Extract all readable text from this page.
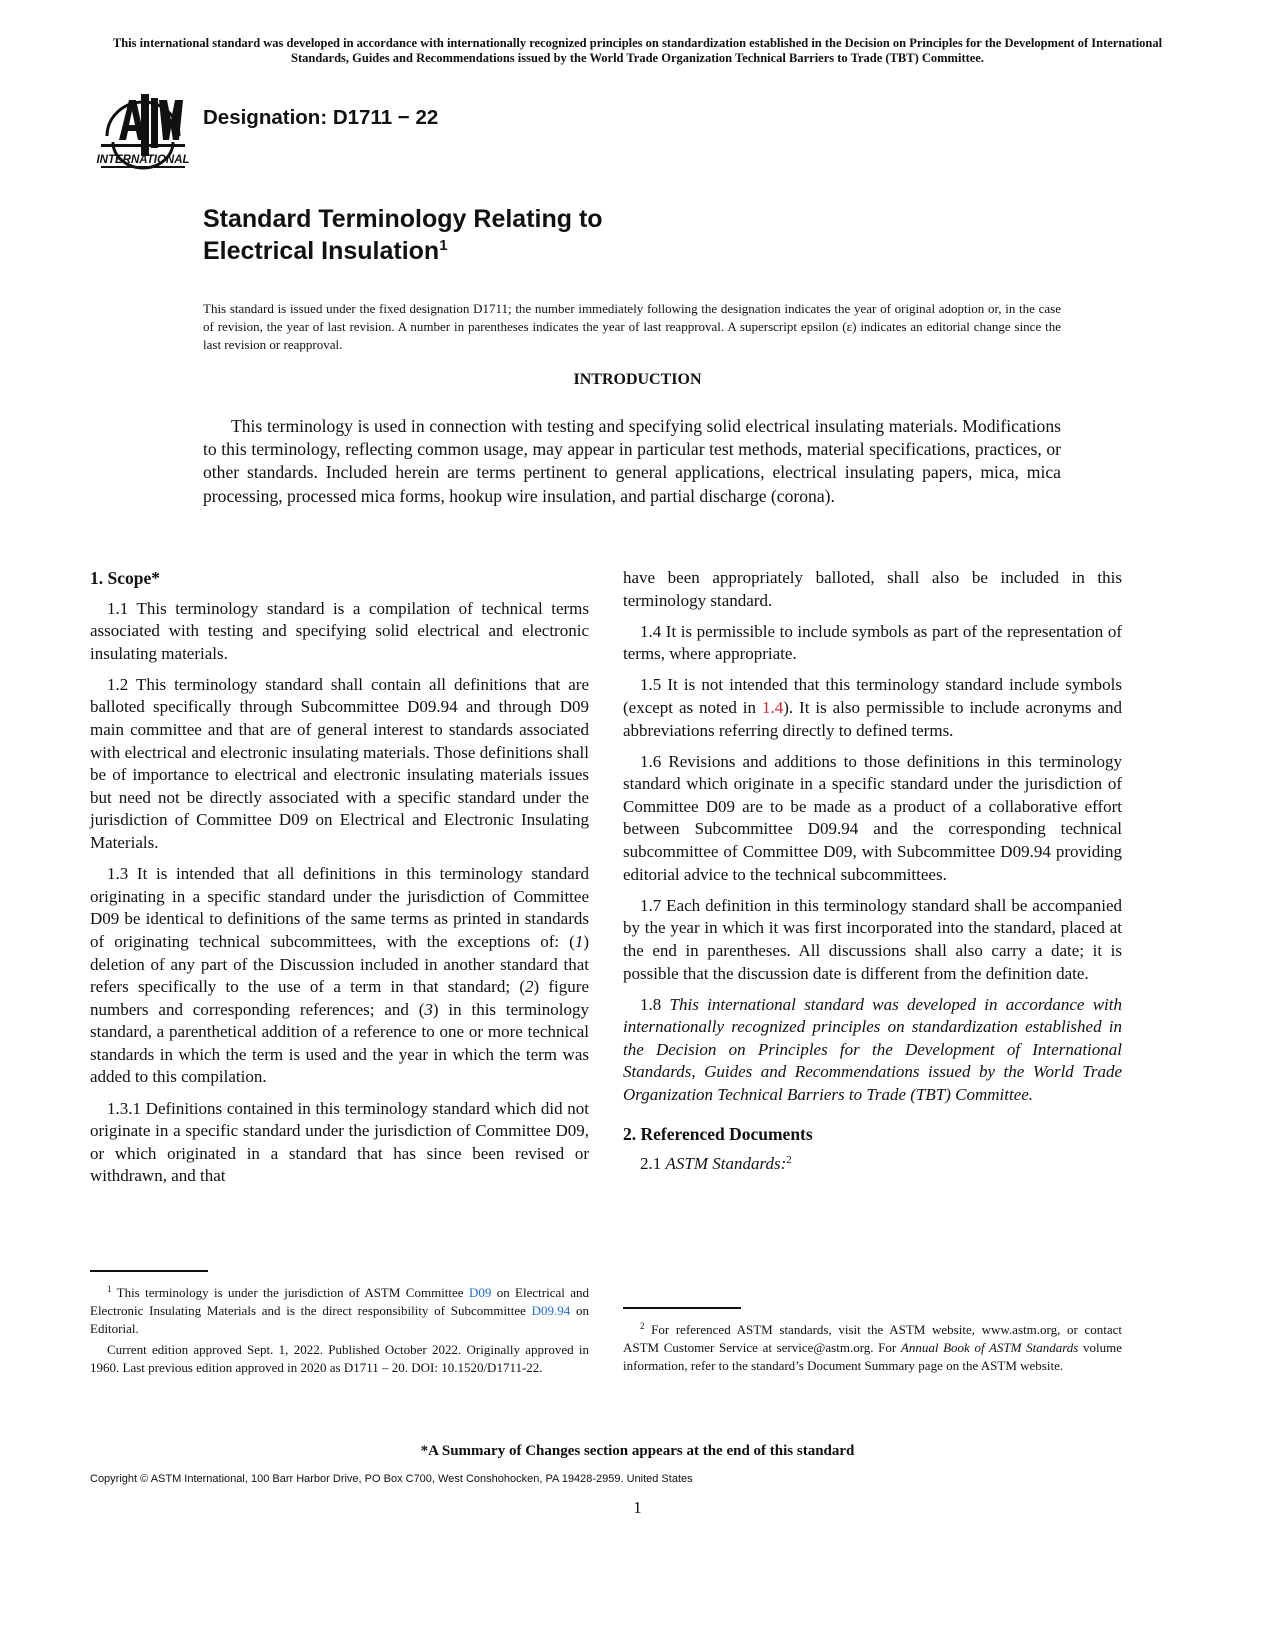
This international standard was developed in accordance with internationally recognized principles on standardization established in the Decision on Principles for the Development of International Standards, Guides and Recommendations issued by the World Trade Organization Technical Barriers to Trade (TBT) Committee.
INTERNATIONAL
Designation: D1711 − 22
Standard Terminology Relating to
Electrical Insulation$^1$
This standard is issued under the fixed designation D1711; the number immediately following the designation indicates the year of original adoption or, in the case of revision, the year of last revision. A number in parentheses indicates the year of last reapproval. A superscript epsilon (ε) indicates an editorial change since the last revision or reapproval.
INTRODUCTION
This terminology is used in connection with testing and specifying solid electrical insulating materials. Modifications to this terminology, reflecting common usage, may appear in particular test methods, material specifications, practices, or other standards. Included herein are terms pertinent to general applications, electrical insulating papers, mica, mica processing, processed mica forms, hookup wire insulation, and partial discharge (corona).
1. Scope*

1.1 This terminology standard is a compilation of technical terms associated with testing and specifying solid electrical and electronic insulating materials.

1.2 This terminology standard shall contain all definitions that are balloted specifically through Subcommittee D09.94 and through D09 main committee and that are of general interest to standards associated with electrical and electronic insulating materials. Those definitions shall be of importance to electrical and electronic insulating materials issues but need not be directly associated with a specific standard under the jurisdiction of Committee D09 on Electrical and Electronic Insulating Materials.

1.3 It is intended that all definitions in this terminology standard originating in a specific standard under the jurisdiction of Committee D09 be identical to definitions of the same terms as printed in standards of originating technical subcommittees, with the exceptions of: (1) deletion of any part of the Discussion included in another standard that refers specifically to the use of a term in that standard; (2) figure numbers and corresponding references; and (3) in this terminology standard, a parenthetical addition of a reference to one or more technical standards in which the term is used and the year in which the term was added to this compilation.

1.3.1 Definitions contained in this terminology standard which did not originate in a specific standard under the jurisdiction of Committee D09, or which originated in a standard that has since been revised or withdrawn, and that

$^1$ This terminology is under the jurisdiction of ASTM Committee D09 on Electrical and Electronic Insulating Materials and is the direct responsibility of Subcommittee D09.94 on Editorial.

Current edition approved Sept. 1, 2022. Published October 2022. Originally approved in 1960. Last previous edition approved in 2020 as D1711 – 20. DOI: 10.1520/D1711-22.

have been appropriately balloted, shall also be included in this terminology standard.

1.4 It is permissible to include symbols as part of the representation of terms, where appropriate.

1.5 It is not intended that this terminology standard include symbols (except as noted in 1.4). It is also permissible to include acronyms and abbreviations referring directly to defined terms.

1.6 Revisions and additions to those definitions in this terminology standard which originate in a specific standard under the jurisdiction of Committee D09 are to be made as a product of a collaborative effort between Subcommittee D09.94 and the corresponding technical subcommittee of Committee D09, with Subcommittee D09.94 providing editorial advice to the technical subcommittees.

1.7 Each definition in this terminology standard shall be accompanied by the year in which it was first incorporated into the standard, placed at the end in parentheses. All discussions shall also carry a date; it is possible that the discussion date is different from the definition date.

1.8 This international standard was developed in accordance with internationally recognized principles on standardization established in the Decision on Principles for the Development of International Standards, Guides and Recommendations issued by the World Trade Organization Technical Barriers to Trade (TBT) Committee.

2. Referenced Documents

2.1 ASTM Standards:$^2$

$^2$ For referenced ASTM standards, visit the ASTM website, www.astm.org, or contact ASTM Customer Service at service@astm.org. For Annual Book of ASTM Standards volume information, refer to the standard’s Document Summary page on the ASTM website.

*A Summary of Changes section appears at the end of this standard
Copyright © ASTM International, 100 Barr Harbor Drive, PO Box C700, West Conshohocken, PA 19428-2959. United States
1
